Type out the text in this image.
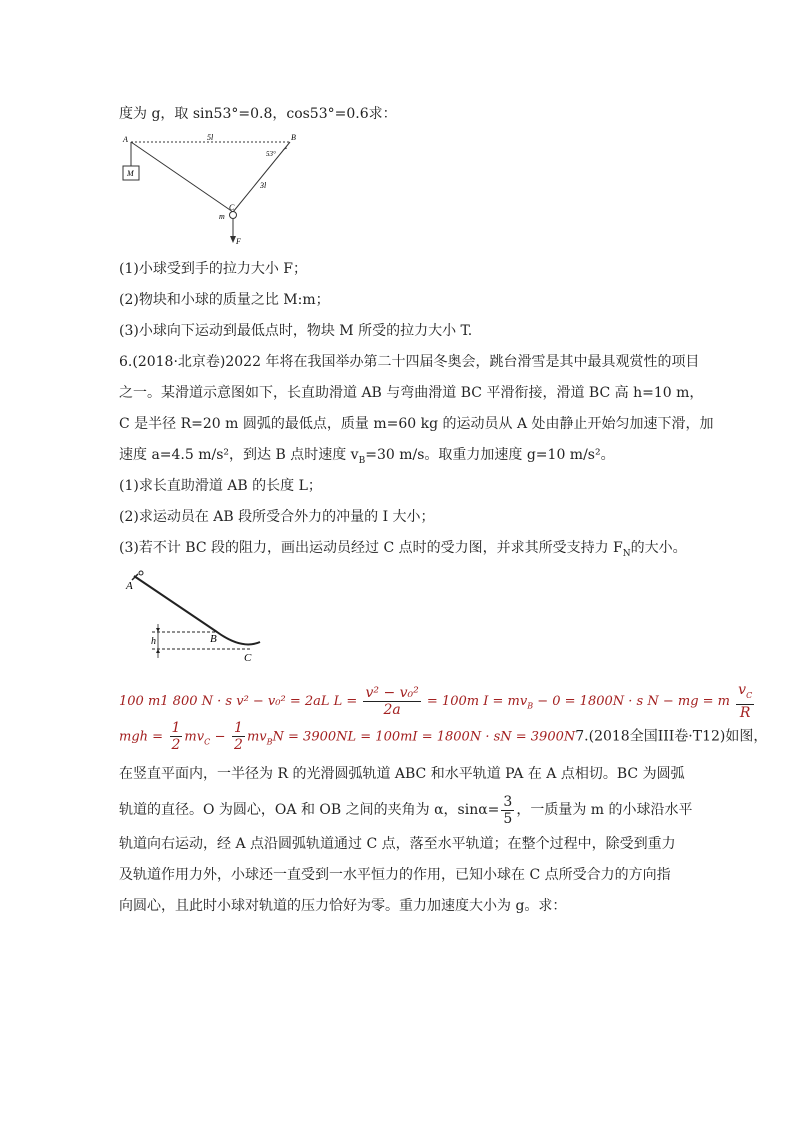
度为 g，取 sin53°=0.8，cos53°=0.6求：
A	B
C
M
m
F
5l
3l
53°
(1)小球受到手的拉力大小 F；
(2)物块和小球的质量之比 M:m；
(3)小球向下运动到最低点时，物块 M 所受的拉力大小 T.
6.(2018·北京卷)2022 年将在我国举办第二十四届冬奥会，跳台滑雪是其中最具观赏性的项目
之一。某滑道示意图如下，长直助滑道 AB 与弯曲滑道 BC 平滑衔接，滑道 BC 高 h=10 m，
C 是半径 R=20 m 圆弧的最低点，质量 m=60 kg 的运动员从 A 处由静止开始匀加速下滑，加
速度 a=4.5 m/s²，到达 B 点时速度 $v_B=30$ m/s。取重力加速度 g=10 m/s²。
(1)求长直助滑道 AB 的长度 L；
(2)求运动员在 AB 段所受合外力的冲量的 I 大小；
(3)若不计 BC 段的阻力，画出运动员经过 C 点时的受力图，并求其所受支持力 $F_N$的大小。
A
B
C
h
100 m1 800 N · s v² − v₀² = 2aL $L = \frac{\text{v² − v₀²}}{2a} = 100m$ $I = mv_B - 0 = 1800N \cdot s$ N − mg = m $\frac{v_C}{R}$
mgh = $\frac{1}{2} mv_C - \frac{1}{2} mv_BN = 3900NL = 100mI = 1800N$ · sN = 3900N7.(2018全国III卷·T12)如图，
在竖直平面内，一半径为 R 的光滑圆弧轨道 ABC 和水平轨道 PA 在 A 点相切。BC 为圆弧
轨道的直径。O 为圆心，OA 和 OB 之间的夹角为 α，$\sin\alpha= \frac{3}{5}$ ，一质量为 m 的小球沿水平
轨道向右运动，经 A 点沿圆弧轨道通过 C 点，落至水平轨道；在整个过程中，除受到重力
及轨道作用力外，小球还一直受到一水平恒力的作用，已知小球在 C 点所受合力的方向指
向圆心，且此时小球对轨道的压力恰好为零。重力加速度大小为 g。求：
